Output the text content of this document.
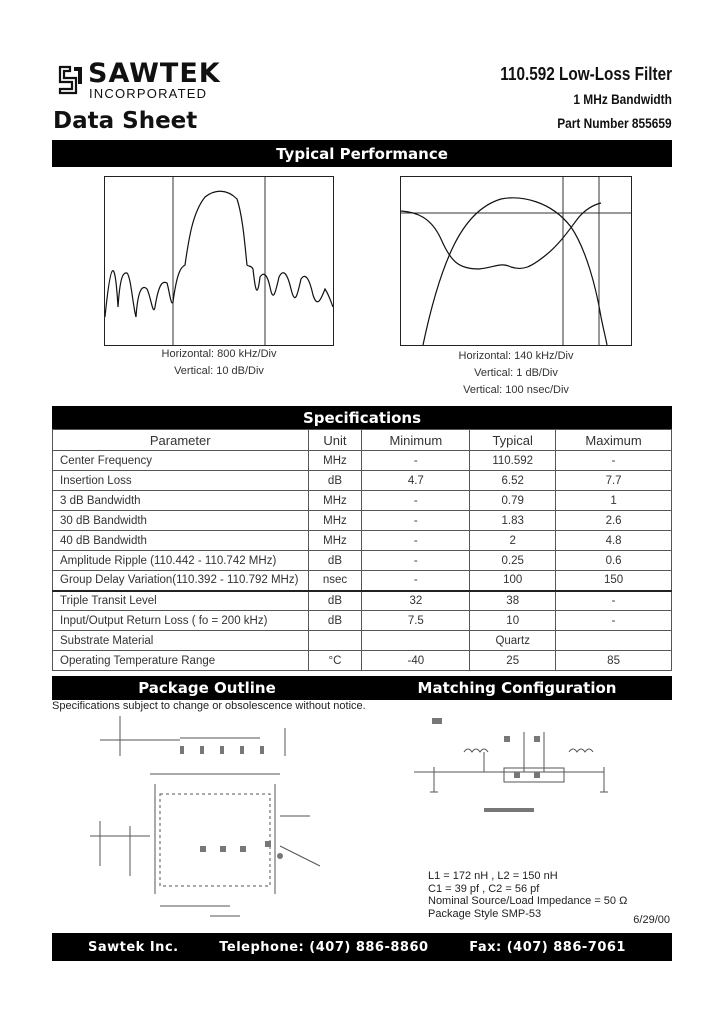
SAWTEK
INCORPORATED
Data Sheet
110.592 Low-Loss Filter
1 MHz Bandwidth
Part Number 855659
Typical Performance
Horizontal: 800 kHz/Div
Vertical: 10 dB/Div
Horizontal: 140 kHz/Div
Vertical: 1 dB/Div
Vertical: 100 nsec/Div
Specifications
Parameter	Unit	Minimum	Typical	Maximum
Center Frequency	MHz	-	110.592	-
Insertion Loss	dB	4.7	6.52	7.7
3 dB Bandwidth	MHz	-	0.79	1
30 dB Bandwidth	MHz	-	1.83	2.6
40 dB Bandwidth	MHz	-	2	4.8
Amplitude Ripple (110.442 - 110.742 MHz)	dB	-	0.25	0.6
Group Delay Variation(110.392 - 110.792 MHz)	nsec	-	100	150
Triple Transit Level	dB	32	38	-
Input/Output Return Loss ( fo = 200 kHz)	dB	7.5	10	-
Substrate Material			Quartz	
Operating Temperature Range	°C	-40	25	85
Package Outline	Matching Configuration
Specifications subject to change or obsolescence without notice.
L1 = 172 nH , L2 = 150 nH
C1 = 39 pf , C2 = 56 pf
Nominal Source/Load Impedance = 50 Ω
Package Style SMP-53
6/29/00
Sawtek Inc.	Telephone: (407) 886-8860	Fax: (407) 886-7061
